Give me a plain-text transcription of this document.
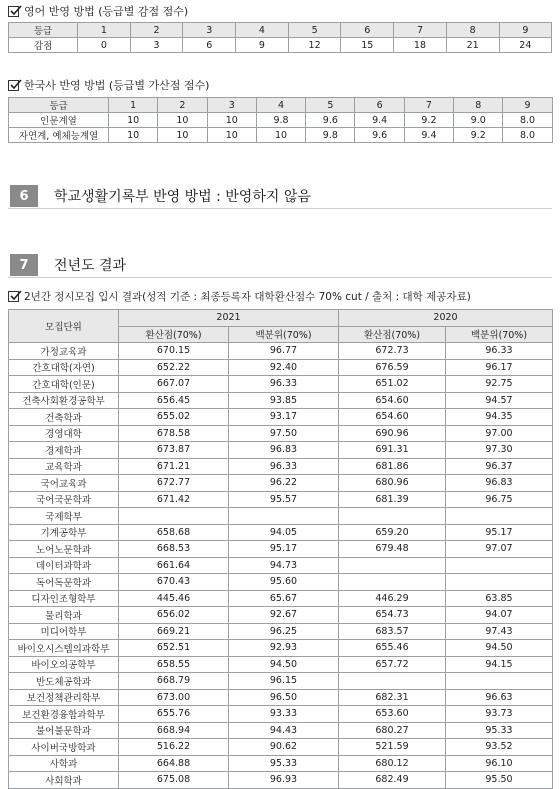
영어 반영 방법 (등급별 감점 점수)
등급	1	2	3	4	5	6	7	8	9
감점	0	3	6	9	12	15	18	21	24
한국사 반영 방법 (등급별 가산점 점수)
등급	1	2	3	4	5	6	7	8	9
인문계열	10	10	10	9.8	9.6	9.4	9.2	9.0	8.0
자연계, 예체능계열	10	10	10	10	9.8	9.6	9.4	9.2	8.0
6	학교생활기록부 반영 방법 : 반영하지 않음
7	전년도 결과
2년간 정시모집 입시 결과(성적 기준 : 최종등록자 대학환산점수 70% cut / 출처 : 대학 제공자료)
모집단위	2021		2020	
	환산점(70%)	백분위(70%)	환산점(70%)	백분위(70%)
가정교육과	670.15	96.77	672.73	96.33
간호대학(자연)	652.22	92.40	676.59	96.17
간호대학(인문)	667.07	96.33	651.02	92.75
건축사회환경공학부	656.45	93.85	654.60	94.57
건축학과	655.02	93.17	654.60	94.35
경영대학	678.58	97.50	690.96	97.00
경제학과	673.87	96.83	691.31	97.30
교육학과	671.21	96.33	681.86	96.37
국어교육과	672.77	96.22	680.96	96.83
국어국문학과	671.42	95.57	681.39	96.75
국제학부				
기계공학부	658.68	94.05	659.20	95.17
노어노문학과	668.53	95.17	679.48	97.07
데이터과학과	661.64	94.73		
독어독문학과	670.43	95.60		
디자인조형학부	445.46	65.67	446.29	63.85
물리학과	656.02	92.67	654.73	94.07
미디어학부	669.21	96.25	683.57	97.43
바이오시스템의과학부	652.51	92.93	655.46	94.50
바이오의공학부	658.55	94.50	657.72	94.15
반도체공학과	668.79	96.15		
보건정책관리학부	673.00	96.50	682.31	96.63
보건환경융합과학부	655.76	93.33	653.60	93.73
불어불문학과	668.94	94.43	680.27	95.33
사이버국방학과	516.22	90.62	521.59	93.52
사학과	664.88	95.33	680.12	96.10
사회학과	675.08	96.93	682.49	95.50
